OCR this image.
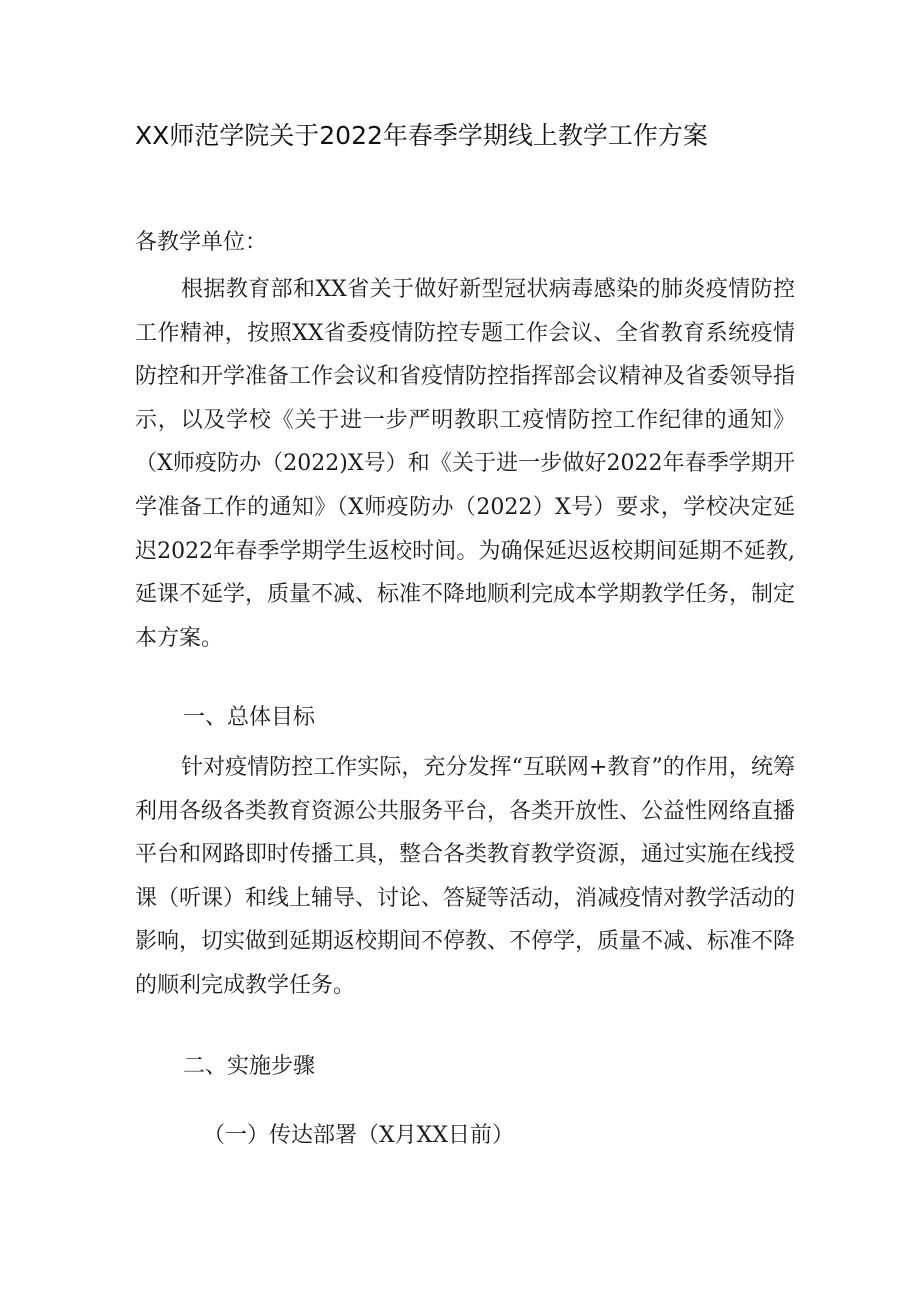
XX师范学院关于2022年春季学期线上教学工作方案
各教学单位：
根据教育部和XX省关于做好新型冠状病毒感染的肺炎疫情防控工作精神，按照XX省委疫情防控专题工作会议、全省教育系统疫情防控和开学准备工作会议和省疫情防控指挥部会议精神及省委领导指示，以及学校《关于进一步严明教职工疫情防控工作纪律的通知》（X师疫防办（2022)X号）和《关于进一步做好2022年春季学期开学准备工作的通知》（X师疫防办（2022）X号）要求，学校决定延迟2022年春季学期学生返校时间。为确保延迟返校期间延期不延教,延课不延学，质量不减、标准不降地顺利完成本学期教学任务，制定本方案。
一、总体目标
针对疫情防控工作实际，充分发挥“互联网+教育”的作用，统筹利用各级各类教育资源公共服务平台，各类开放性、公益性网络直播平台和网路即时传播工具，整合各类教育教学资源，通过实施在线授课（听课）和线上辅导、讨论、答疑等活动，消减疫情对教学活动的影响，切实做到延期返校期间不停教、不停学，质量不减、标准不降的顺利完成教学任务。
二、实施步骤
（一）传达部署（X月XX日前）
